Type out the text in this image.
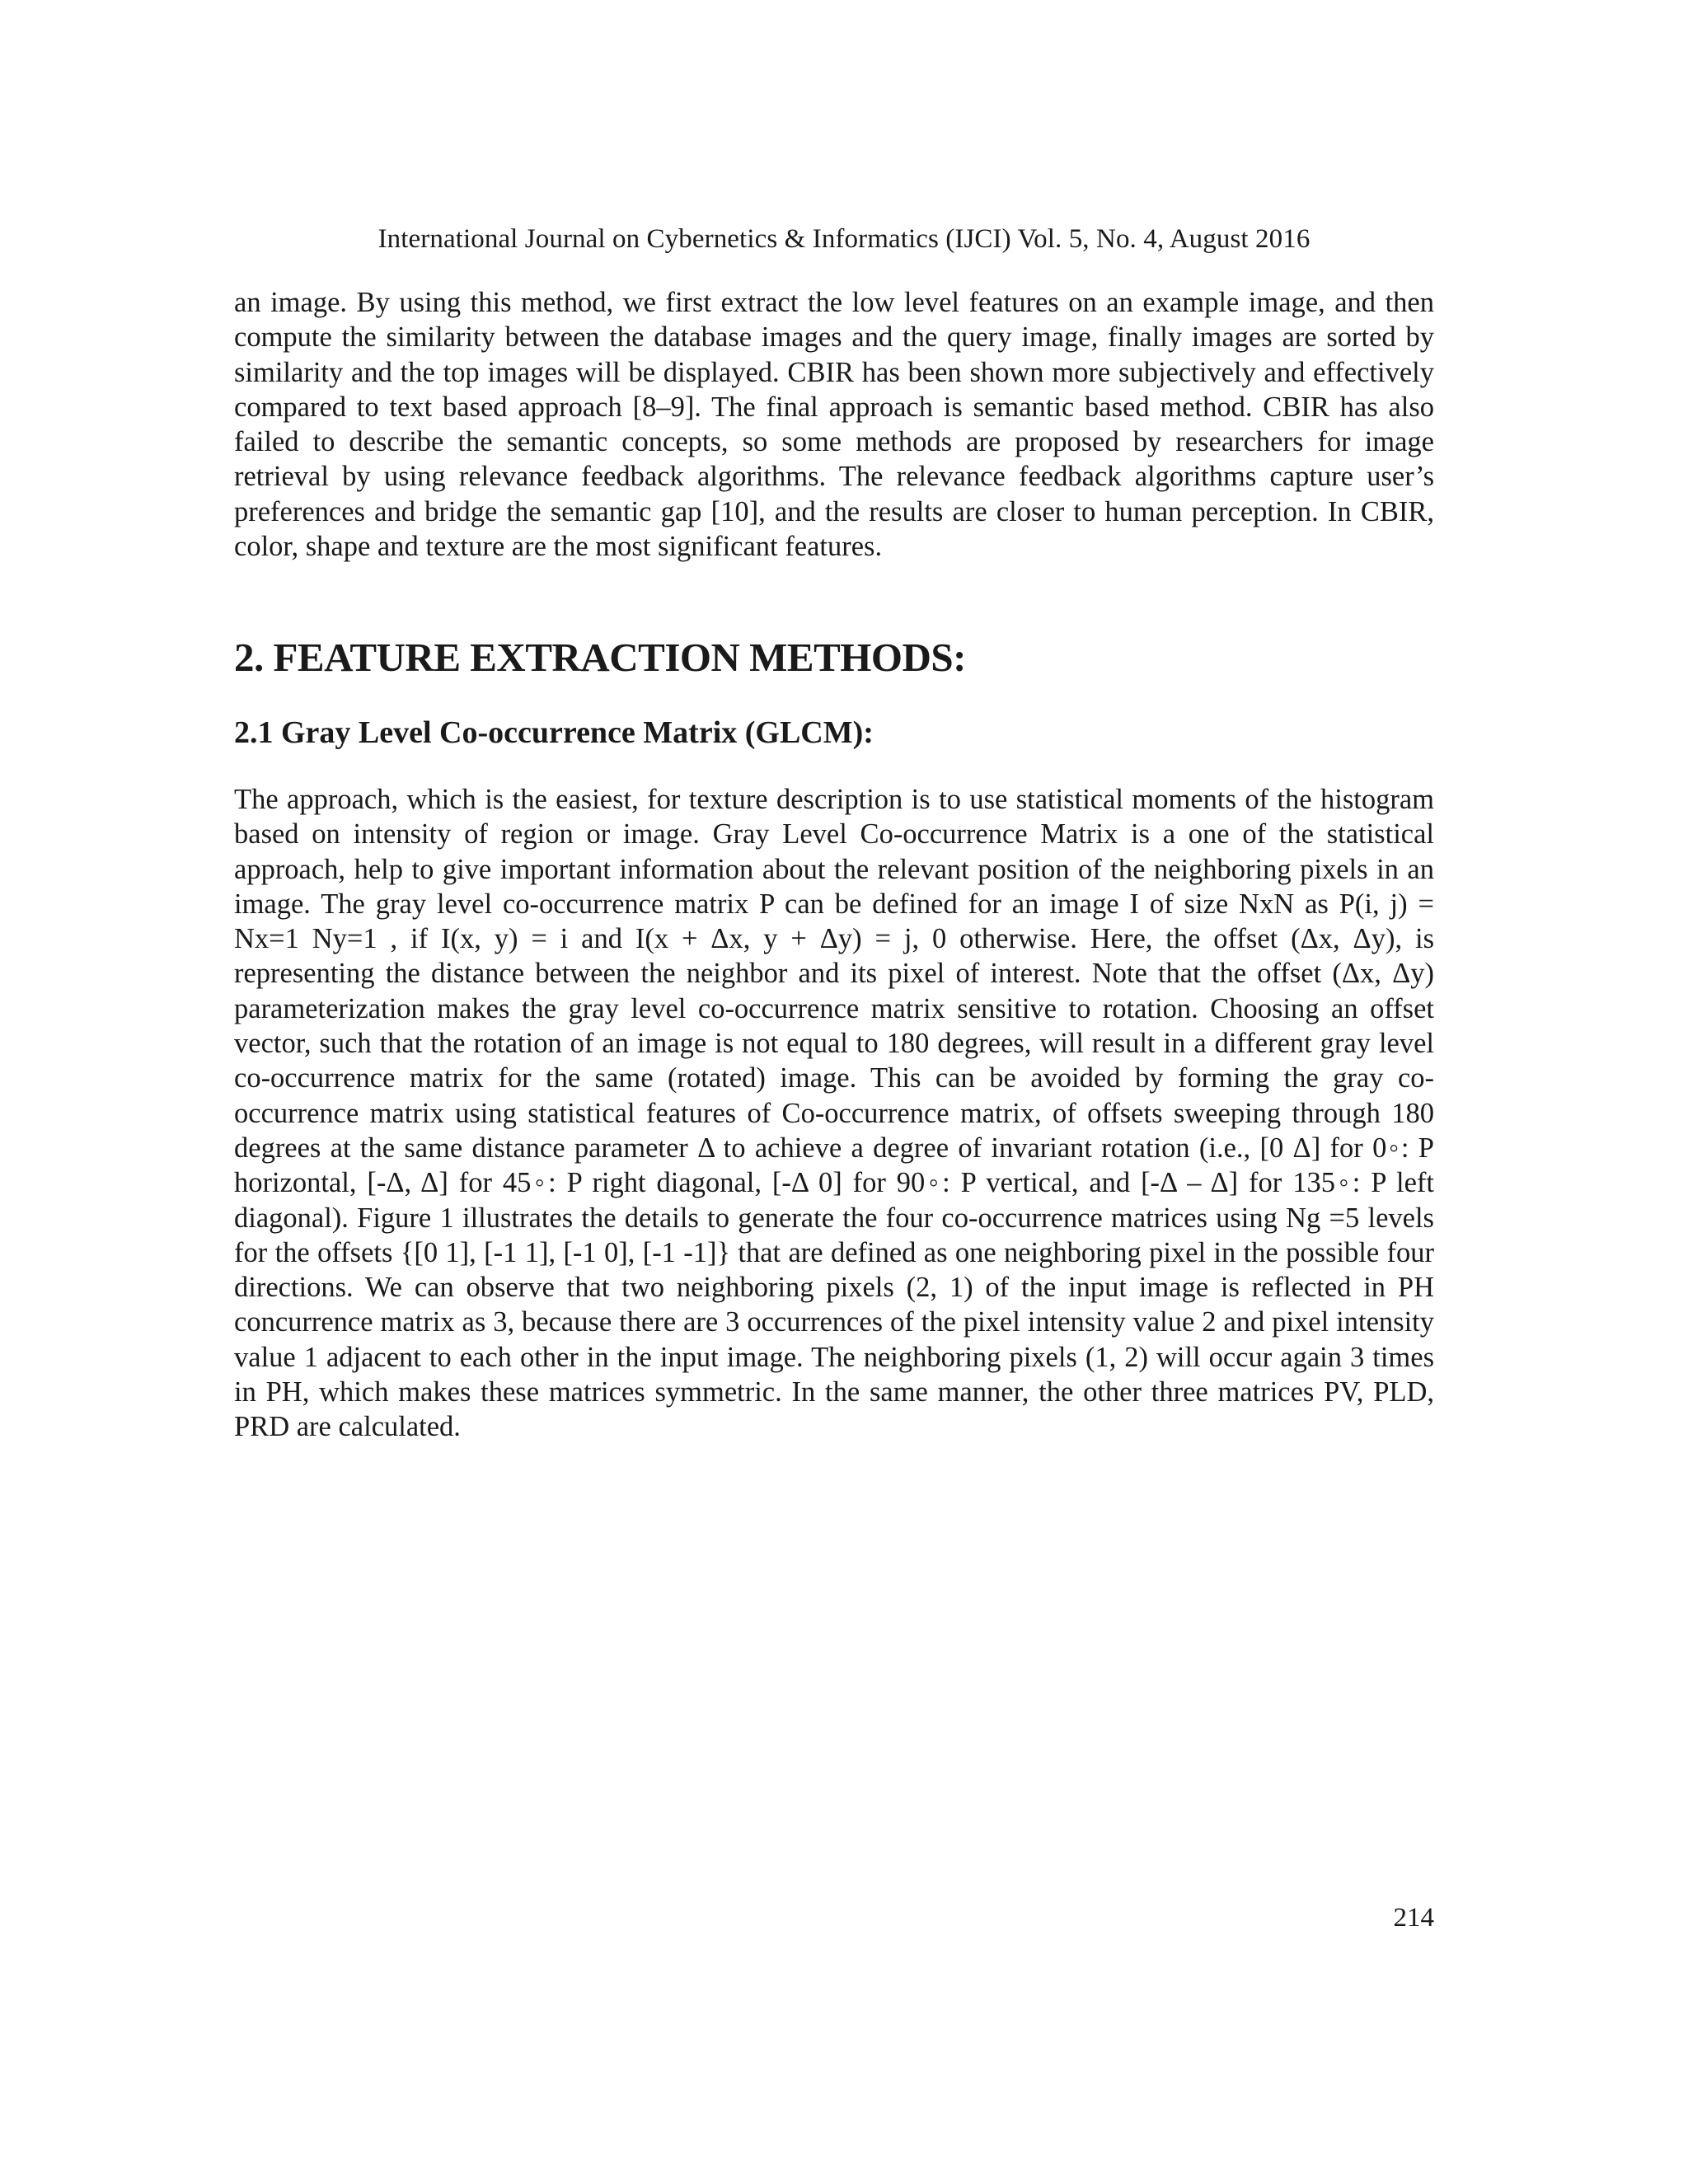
International Journal on Cybernetics & Informatics (IJCI) Vol. 5, No. 4, August 2016

an image. By using this method, we first extract the low level features on an example image, and then compute the similarity between the database images and the query image, finally images are sorted by similarity and the top images will be displayed. CBIR has been shown more subjectively and effectively compared to text based approach [8–9]. The final approach is semantic based method. CBIR has also failed to describe the semantic concepts, so some methods are proposed by researchers for image retrieval by using relevance feedback algorithms. The relevance feedback algorithms capture user’s preferences and bridge the semantic gap [10], and the results are closer to human perception. In CBIR, color, shape and texture are the most significant features.

2. FEATURE EXTRACTION METHODS:
2.1 Gray Level Co-occurrence Matrix (GLCM):

The approach, which is the easiest, for texture description is to use statistical moments of the histogram based on intensity of region or image. Gray Level Co-occurrence Matrix is a one of the statistical approach, help to give important information about the relevant position of the neighboring pixels in an image. The gray level co-occurrence matrix P can be defined for an image I of size NxN as P(i, j) = Nx=1 Ny=1 , if I(x, y) = i and I(x + Δx, y + Δy) = j, 0 otherwise. Here, the offset (Δx, Δy), is representing the distance between the neighbor and its pixel of interest. Note that the offset (Δx, Δy) parameterization makes the gray level co-occurrence matrix sensitive to rotation. Choosing an offset vector, such that the rotation of an image is not equal to 180 degrees, will result in a different gray level co-occurrence matrix for the same (rotated) image. This can be avoided by forming the gray co-occurrence matrix using statistical features of Co-occurrence matrix, of offsets sweeping through 180 degrees at the same distance parameter Δ to achieve a degree of invariant rotation (i.e., [0 Δ] for 0◦: P horizontal, [-Δ, Δ] for 45◦: P right diagonal, [-Δ 0] for 90◦: P vertical, and [-Δ – Δ] for 135◦: P left diagonal). Figure 1 illustrates the details to generate the four co-occurrence matrices using Ng =5 levels for the offsets {[0 1], [-1 1], [-1 0], [-1 -1]} that are defined as one neighboring pixel in the possible four directions. We can observe that two neighboring pixels (2, 1) of the input image is reflected in PH concurrence matrix as 3, because there are 3 occurrences of the pixel intensity value 2 and pixel intensity value 1 adjacent to each other in the input image. The neighboring pixels (1, 2) will occur again 3 times in PH, which makes these matrices symmetric. In the same manner, the other three matrices PV, PLD, PRD are calculated.

214
